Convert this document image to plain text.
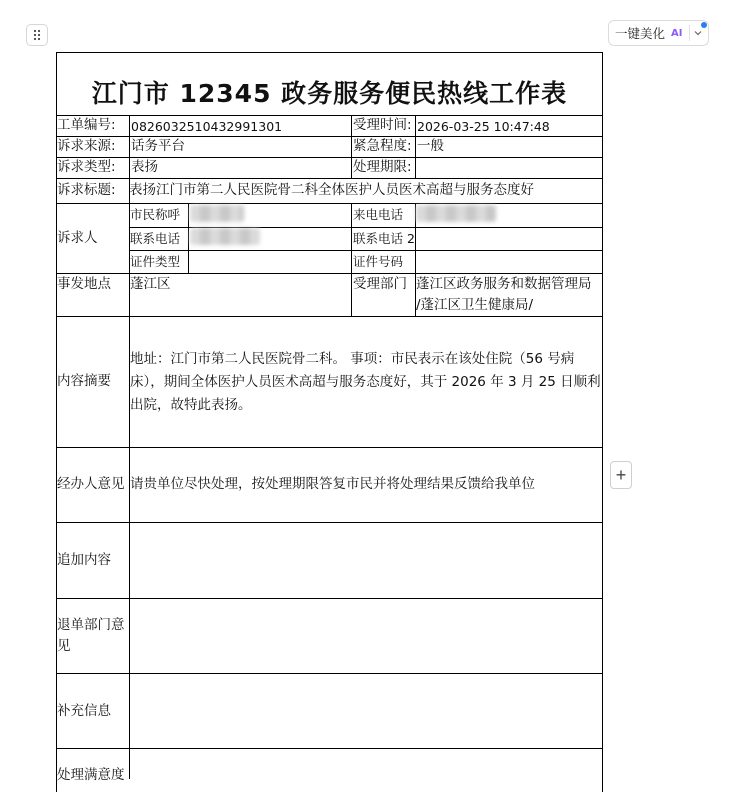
一键美化 AI
+
江门市 12345 政务服务便民热线工作表
工单编号: 0826032510432991301	受理时间: 2026-03-25 10:47:48
诉求来源: 话务平台	紧急程度: 一般
诉求类型: 表扬	处理期限:
诉求标题: 表扬江门市第二人民医院骨二科全体医护人员医术高超与服务态度好
诉求人
市民称呼	来电电话
联系电话	联系电话 2
证件类型	证件号码
事发地点 蓬江区	受理部门 蓬江区政务服务和数据管理局
/蓬江区卫生健康局/
内容摘要
地址：江门市第二人民医院骨二科。 事项：市民表示在该处住院（56 号病床），期间全体医护人员医术高超与服务态度好，其于 2026 年 3 月 25 日顺利出院，故特此表扬。
经办人意见 请贵单位尽快处理，按处理期限答复市民并将处理结果反馈给我单位
追加内容
退单部门意
见
补充信息
处理满意度
